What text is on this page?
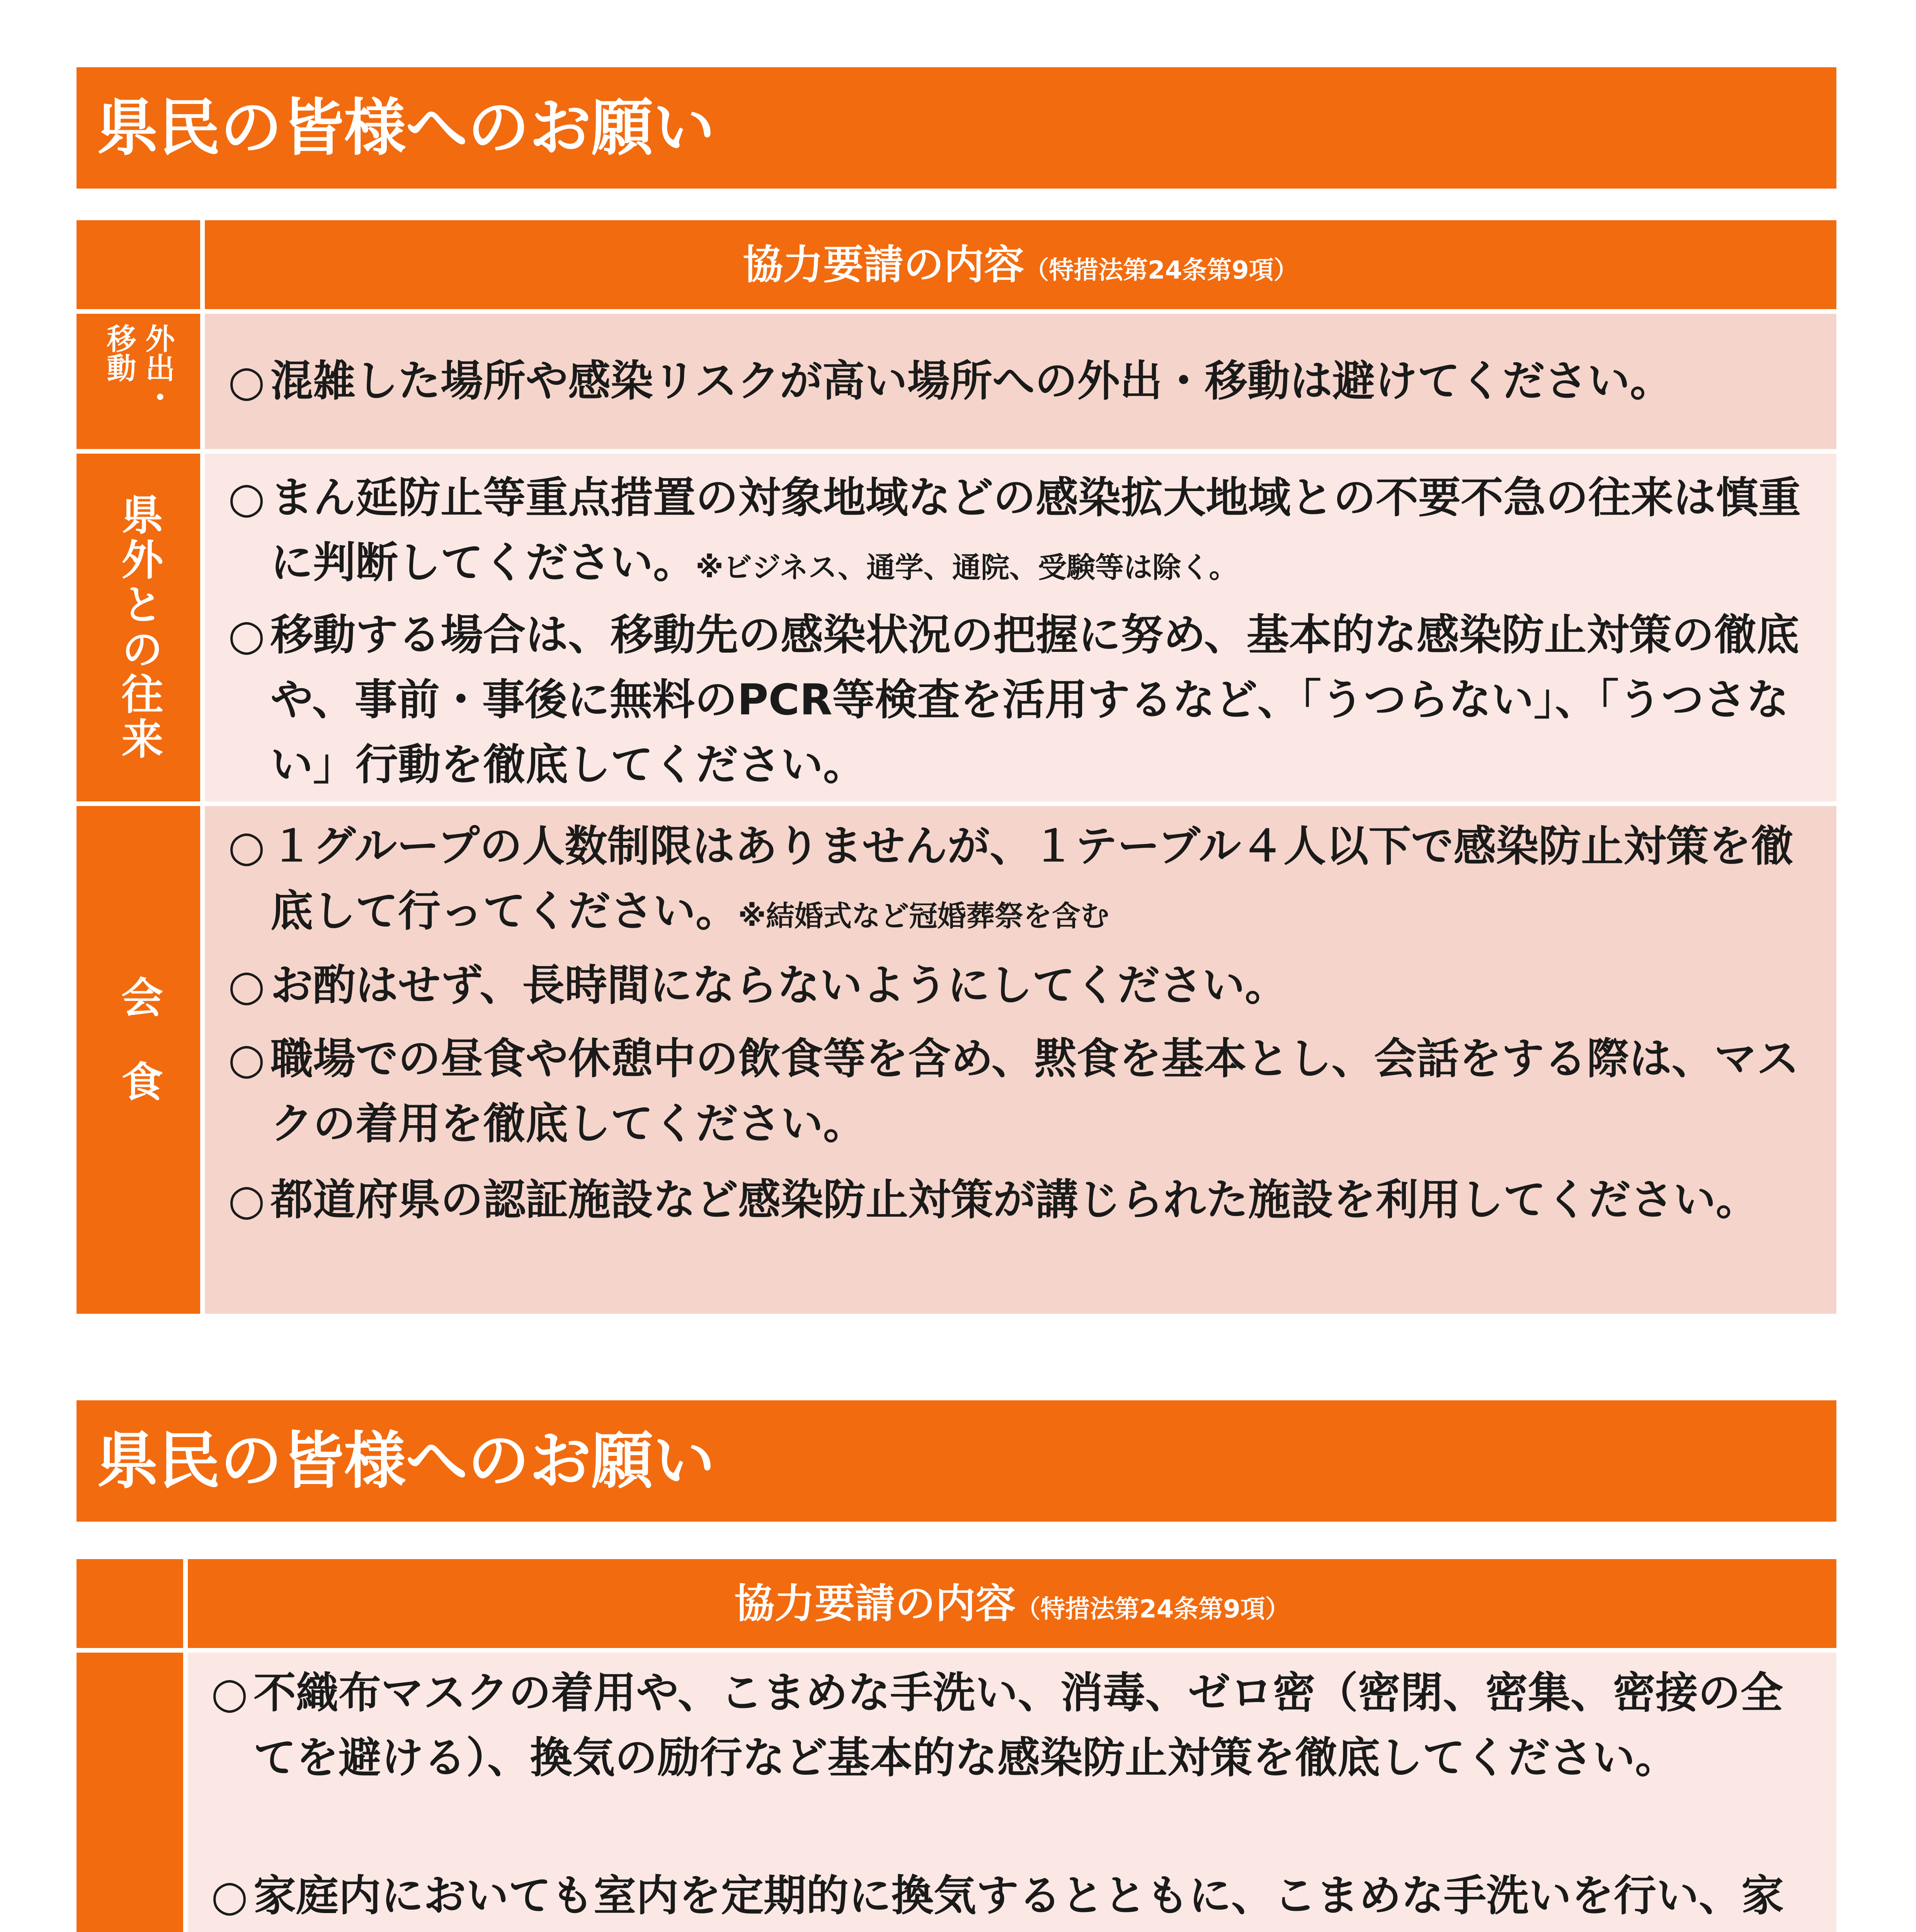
県民の皆様へのお願い
協力要請の内容（特措法第24条第9項）
外出・移動	○ 混雑した場所や感染リスクが高い場所への外出・移動は避けてください。
県外との往来 ○ まん延防止等重点措置の対象地域などの感染拡大地域との不要不急の往来は慎重に判断してください。※ビジネス、通学、通院、受験等は除く。
○ 移動する場合は、移動先の感染状況の把握に努め、基本的な感染防止対策の徹底や、事前・事後に無料のPCR等検査を活用するなど、「うつらない」、「うつさない」行動を徹底してください。
会食
○ １グループの人数制限はありませんが、１テーブル４人以下で感染防止対策を徹底して行ってください。※結婚式など冠婚葬祭を含む
○ お酌はせず、長時間にならないようにしてください。
○ 職場での昼食や休憩中の飲食等を含め、黙食を基本とし、会話をする際は、マスクの着用を徹底してください。
○ 都道府県の認証施設など感染防止対策が講じられた施設を利用してください。
県民の皆様へのお願い
協力要請の内容（特措法第24条第9項）
○ 不織布マスクの着用や、こまめな手洗い、消毒、ゼロ密（密閉、密集、密接の全てを避ける）、換気の励行など基本的な感染防止対策を徹底してください。
○ 家庭内においても室内を定期的に換気するとともに、こまめな手洗いを行い、家
